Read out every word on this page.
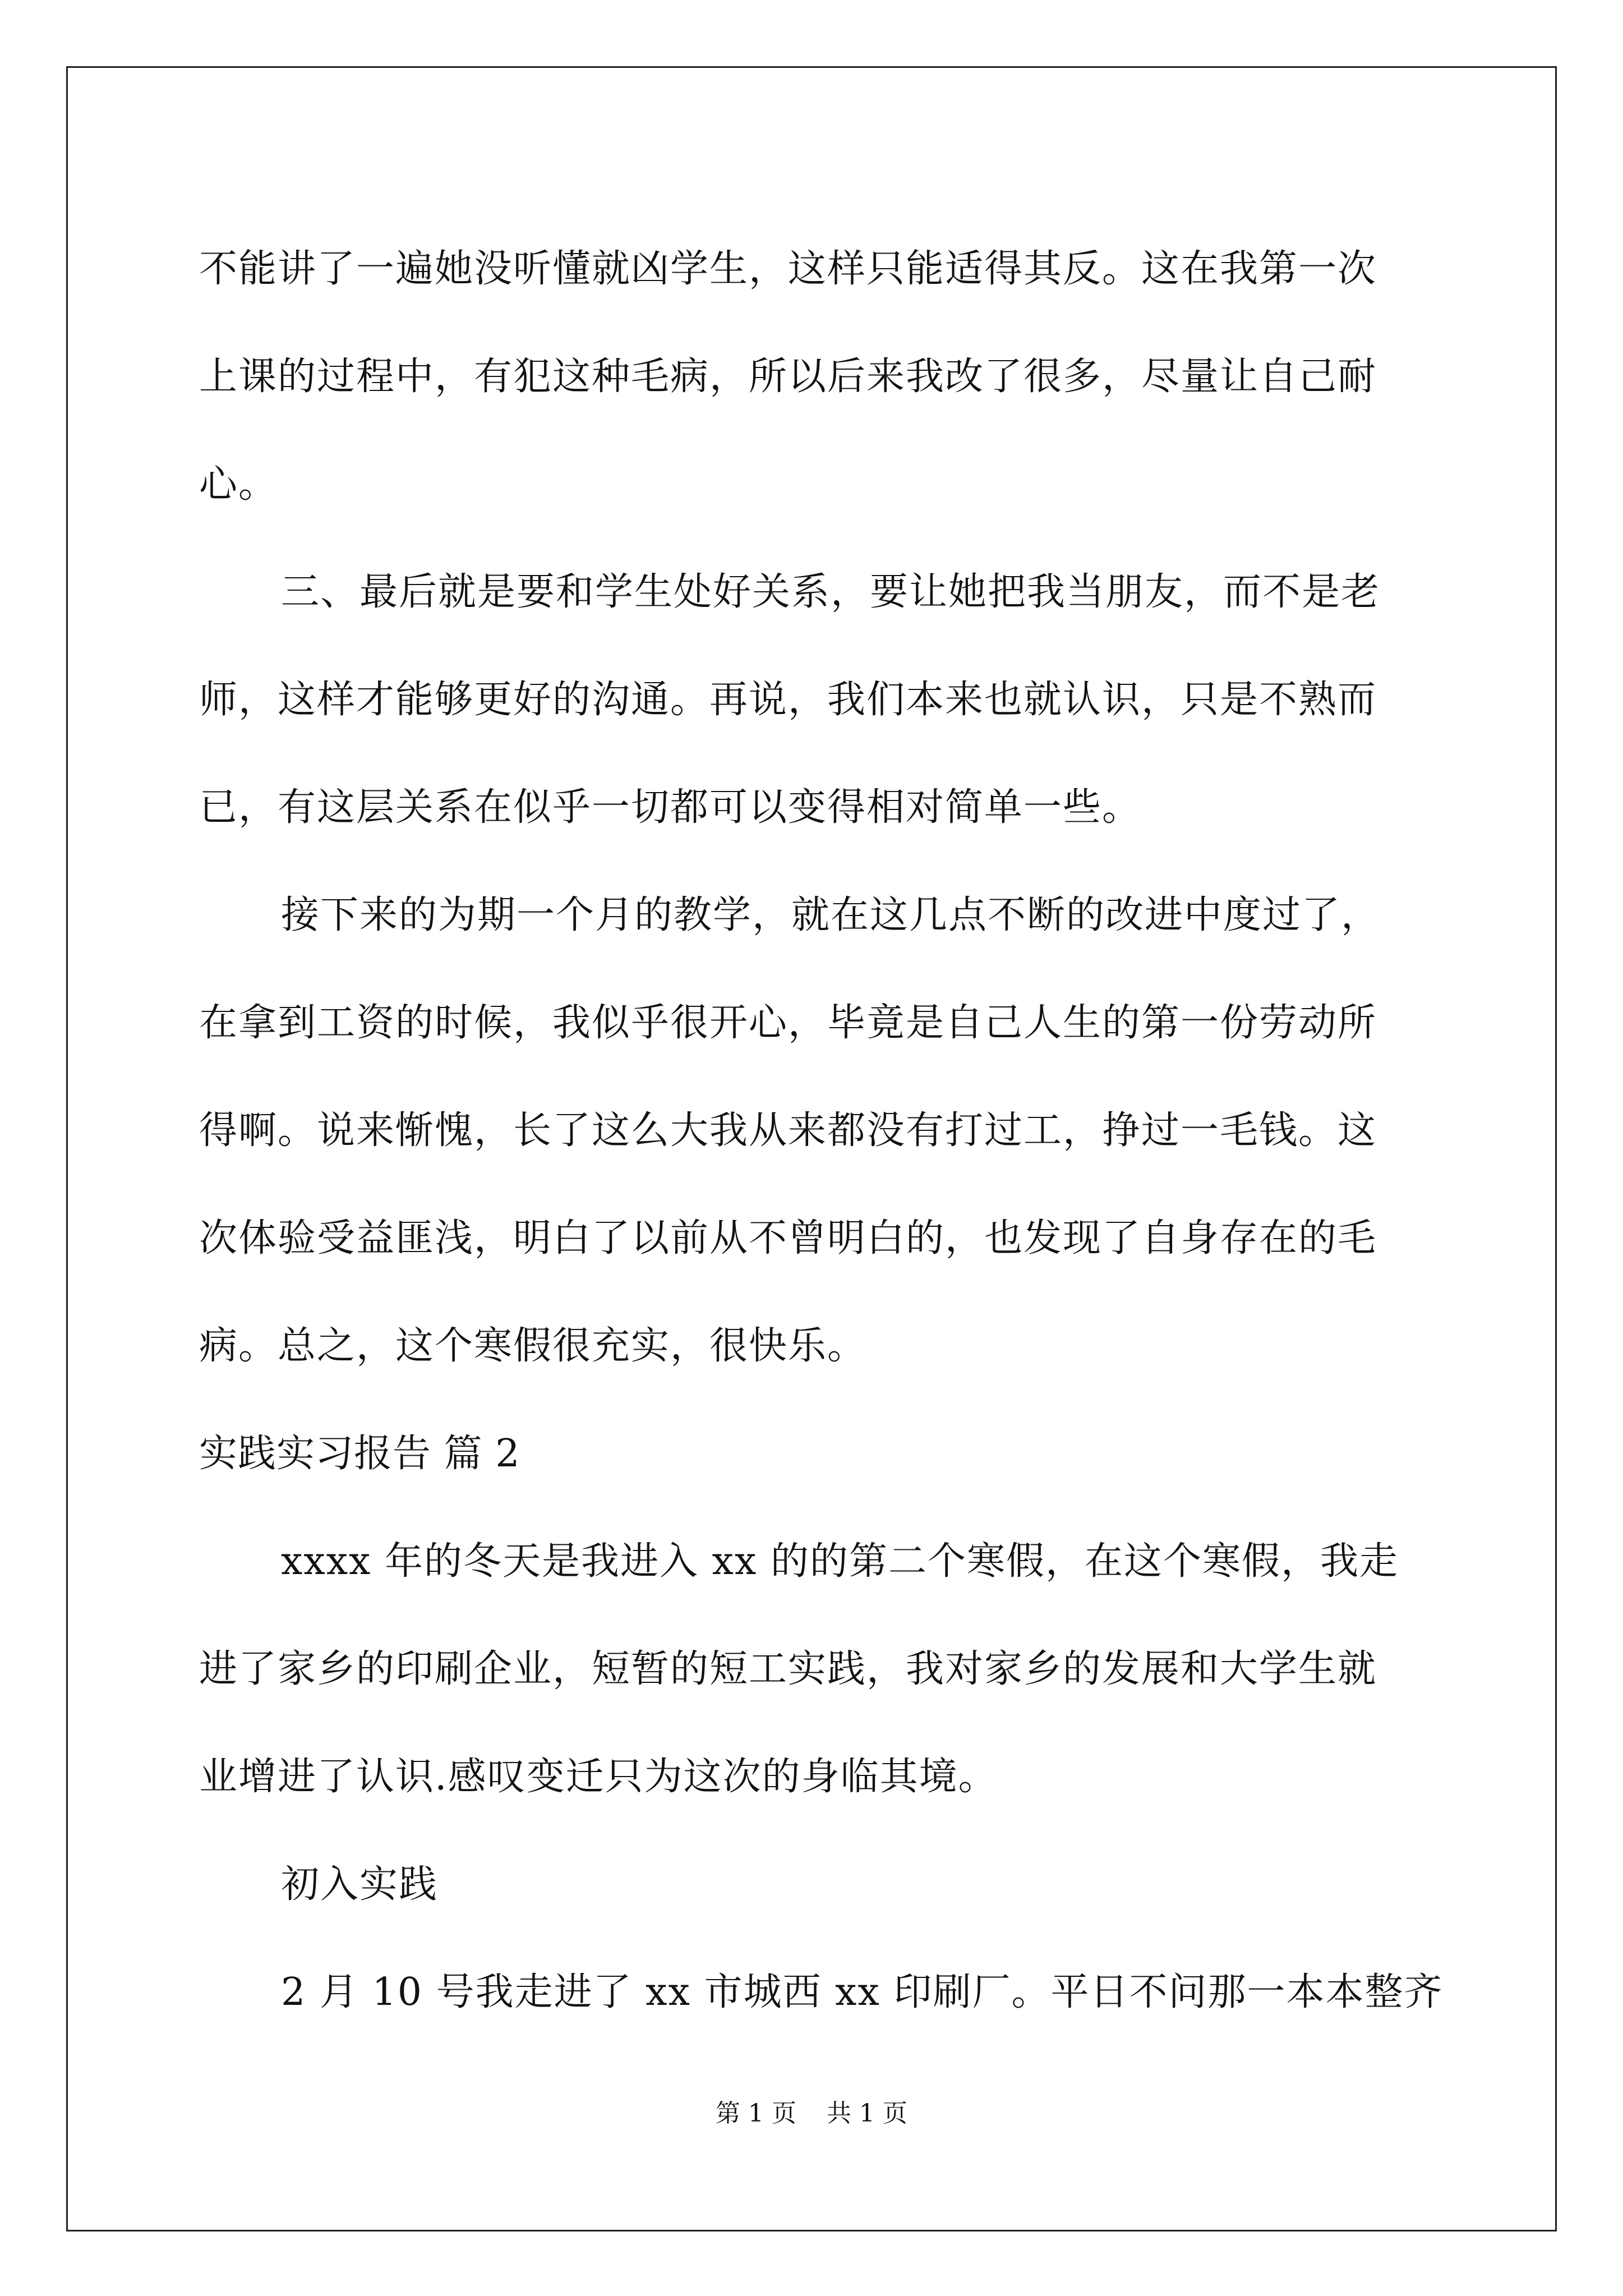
不能讲了一遍她没听懂就凶学生，这样只能适得其反。这在我第一次
上课的过程中，有犯这种毛病，所以后来我改了很多，尽量让自己耐
心。
三、最后就是要和学生处好关系，要让她把我当朋友，而不是老
师，这样才能够更好的沟通。再说，我们本来也就认识，只是不熟而
已，有这层关系在似乎一切都可以变得相对简单一些。
接下来的为期一个月的教学，就在这几点不断的改进中度过了，
在拿到工资的时候，我似乎很开心，毕竟是自己人生的第一份劳动所
得啊。说来惭愧，长了这么大我从来都没有打过工，挣过一毛钱。这
次体验受益匪浅，明白了以前从不曾明白的，也发现了自身存在的毛
病。总之，这个寒假很充实，很快乐。
实践实习报告 篇 2
xxxx 年的冬天是我进入 xx 的的第二个寒假，在这个寒假，我走
进了家乡的印刷企业，短暂的短工实践，我对家乡的发展和大学生就
业增进了认识.感叹变迁只为这次的身临其境。
初入实践
2 月 10 号我走进了 xx 市城西 xx 印刷厂。平日不问那一本本整齐
第 1 页 共 1 页
